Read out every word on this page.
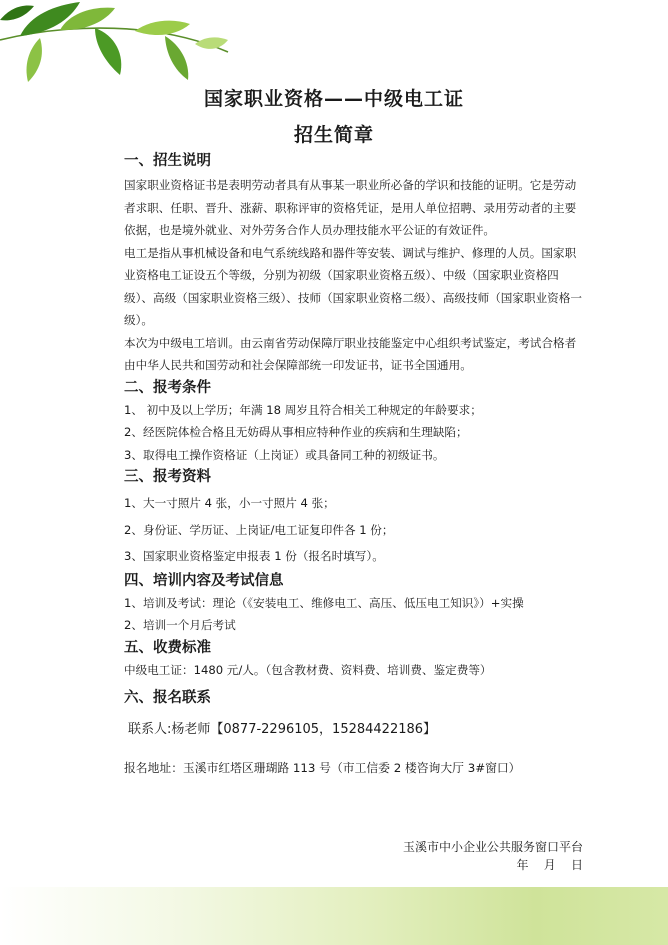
国家职业资格——中级电工证
招生简章

一、招生说明

国家职业资格证书是表明劳动者具有从事某一职业所必备的学识和技能的证明。它是劳动者求职、任职、晋升、涨薪、职称评审的资格凭证，是用人单位招聘、录用劳动者的主要依据，也是境外就业、对外劳务合作人员办理技能水平公证的有效证件。

电工是指从事机械设备和电气系统线路和器件等安装、调试与维护、修理的人员。国家职业资格电工证设五个等级，分别为初级（国家职业资格五级）、中级（国家职业资格四级）、高级（国家职业资格三级）、技师（国家职业资格二级）、高级技师（国家职业资格一级）。

本次为中级电工培训。由云南省劳动保障厅职业技能鉴定中心组织考试鉴定，考试合格者由中华人民共和国劳动和社会保障部统一印发证书，证书全国通用。

二、报考条件

1、 初中及以上学历；年满 18 周岁且符合相关工种规定的年龄要求；

2、经医院体检合格且无妨碍从事相应特种作业的疾病和生理缺陷；

3、取得电工操作资格证（上岗证）或具备同工种的初级证书。

三、报考资料

1、大一寸照片 4 张，小一寸照片 4 张；

2、身份证、学历证、上岗证/电工证复印件各 1 份；

3、国家职业资格鉴定申报表 1 份（报名时填写）。

四、培训内容及考试信息

1、培训及考试：理论（《安装电工、维修电工、高压、低压电工知识》）+实操

2、培训一个月后考试

五、收费标准

中级电工证：1480 元/人。（包含教材费、资料费、培训费、鉴定费等）

六、报名联系

联系人:杨老师【0877-2296105，15284422186】

报名地址：玉溪市红塔区珊瑚路 113 号（市工信委 2 楼咨询大厅 3#窗口）

玉溪市中小企业公共服务窗口平台
年    月    日
